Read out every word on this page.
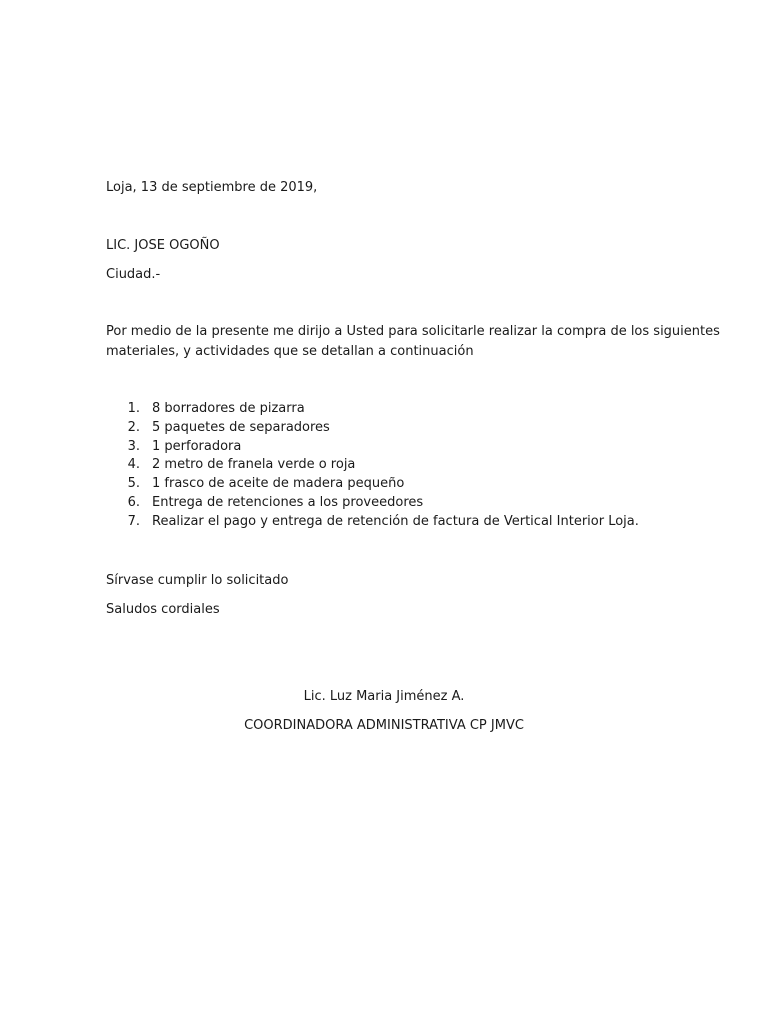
Loja, 13 de septiembre de 2019,
LIC. JOSE OGOÑO
Ciudad.-
Por medio de la presente me dirijo a Usted para solicitarle realizar la compra de los siguientes
materiales, y actividades que se detallan a continuación
1. 8 borradores de pizarra
2. 5 paquetes de separadores
3. 1 perforadora
4. 2 metro de franela verde o roja
5. 1 frasco de aceite de madera pequeño
6. Entrega de retenciones a los proveedores
7. Realizar el pago y entrega de retención de factura de Vertical Interior Loja.
Sírvase cumplir lo solicitado
Saludos cordiales
Lic. Luz Maria Jiménez A.
COORDINADORA ADMINISTRATIVA CP JMVC
